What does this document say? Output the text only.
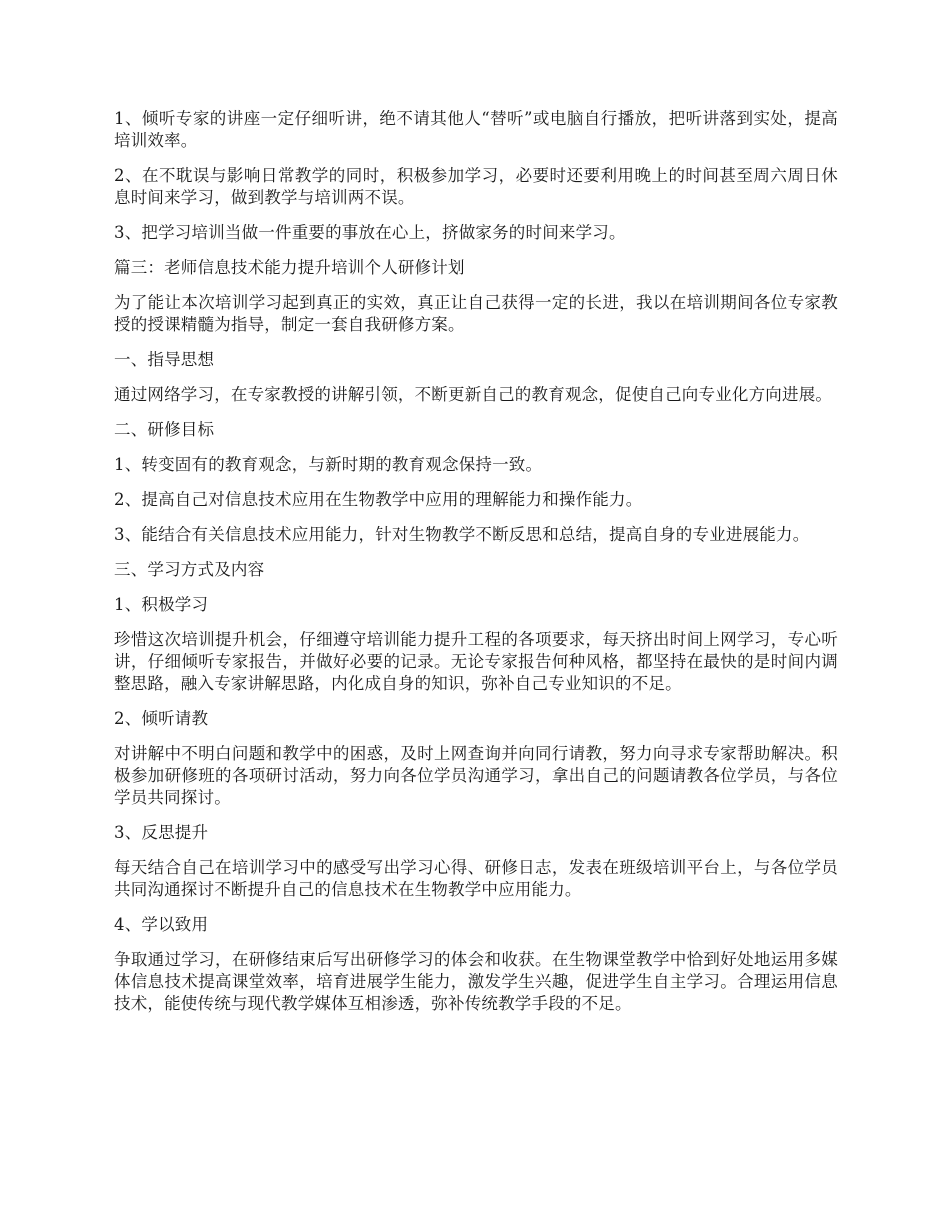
1、倾听专家的讲座一定仔细听讲，绝不请其他人“替听”或电脑自行播放，把听讲落到实处，提高培训效率。

2、在不耽误与影响日常教学的同时，积极参加学习，必要时还要利用晚上的时间甚至周六周日休息时间来学习，做到教学与培训两不误。

3、把学习培训当做一件重要的事放在心上，挤做家务的时间来学习。

篇三：老师信息技术能力提升培训个人研修计划

为了能让本次培训学习起到真正的实效，真正让自己获得一定的长进，我以在培训期间各位专家教授的授课精髓为指导，制定一套自我研修方案。

一、指导思想

通过网络学习，在专家教授的讲解引领，不断更新自己的教育观念，促使自己向专业化方向进展。

二、研修目标

1、转变固有的教育观念，与新时期的教育观念保持一致。

2、提高自己对信息技术应用在生物教学中应用的理解能力和操作能力。

3、能结合有关信息技术应用能力，针对生物教学不断反思和总结，提高自身的专业进展能力。

三、学习方式及内容

1、积极学习

珍惜这次培训提升机会，仔细遵守培训能力提升工程的各项要求，每天挤出时间上网学习，专心听讲，仔细倾听专家报告，并做好必要的记录。无论专家报告何种风格，都坚持在最快的是时间内调整思路，融入专家讲解思路，内化成自身的知识，弥补自己专业知识的不足。

2、倾听请教

对讲解中不明白问题和教学中的困惑，及时上网查询并向同行请教，努力向寻求专家帮助解决。积极参加研修班的各项研讨活动，努力向各位学员沟通学习，拿出自己的问题请教各位学员，与各位学员共同探讨。

3、反思提升

每天结合自己在培训学习中的感受写出学习心得、研修日志，发表在班级培训平台上，与各位学员共同沟通探讨不断提升自己的信息技术在生物教学中应用能力。

4、学以致用

争取通过学习，在研修结束后写出研修学习的体会和收获。在生物课堂教学中恰到好处地运用多媒体信息技术提高课堂效率，培育进展学生能力，激发学生兴趣，促进学生自主学习。合理运用信息技术，能使传统与现代教学媒体互相渗透，弥补传统教学手段的不足。
